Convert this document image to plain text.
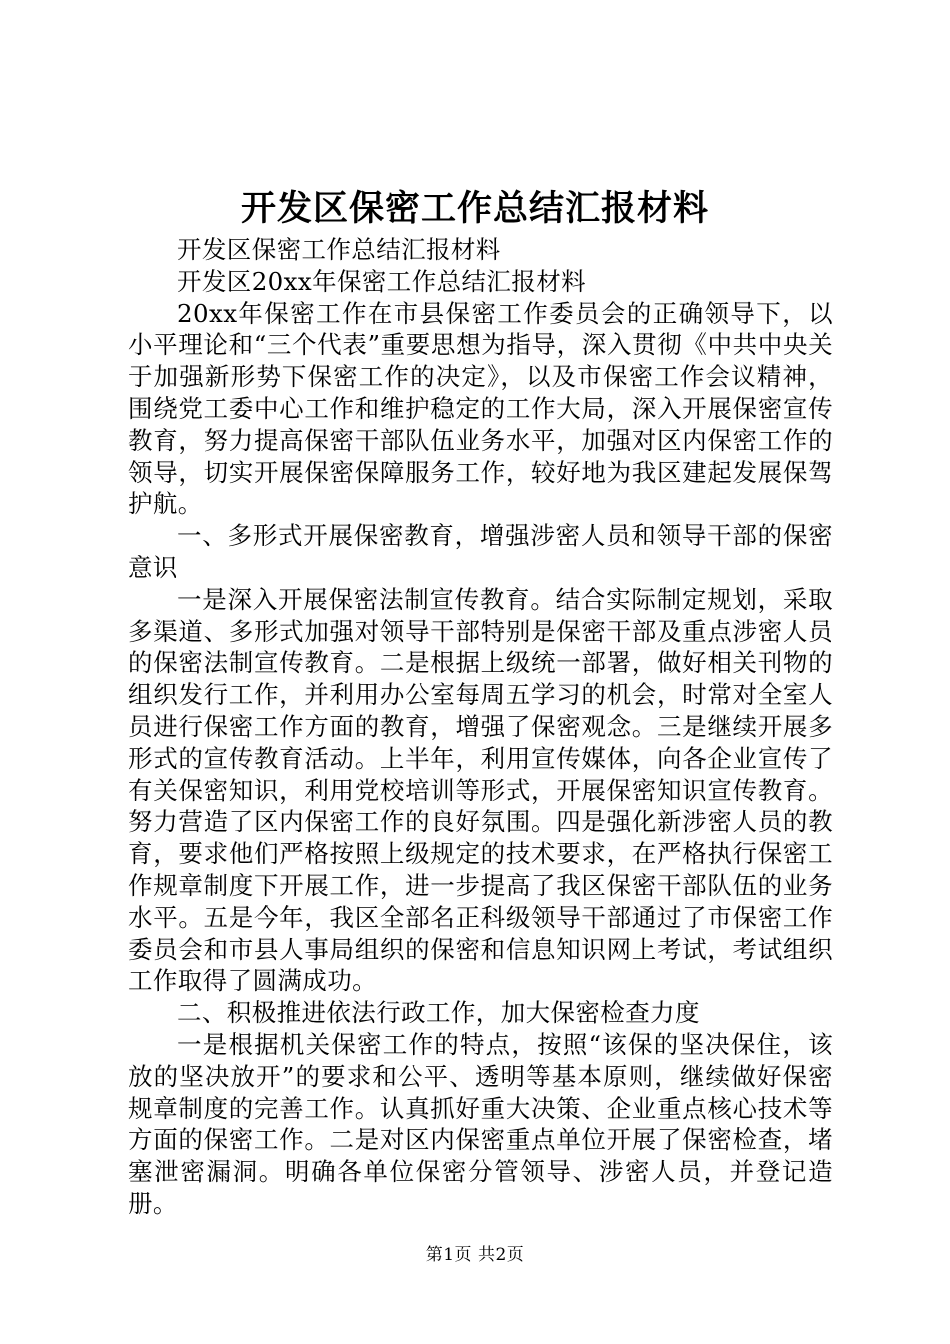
开发区保密工作总结汇报材料

开发区保密工作总结汇报材料

开发区20xx年保密工作总结汇报材料

20xx年保密工作在市县保密工作委员会的正确领导下，以小平理论和“三个代表”重要思想为指导，深入贯彻《中共中央关于加强新形势下保密工作的决定》，以及市保密工作会议精神，围绕党工委中心工作和维护稳定的工作大局，深入开展保密宣传教育，努力提高保密干部队伍业务水平，加强对区内保密工作的领导，切实开展保密保障服务工作，较好地为我区建起发展保驾护航。

一、多形式开展保密教育，增强涉密人员和领导干部的保密意识

一是深入开展保密法制宣传教育。结合实际制定规划，采取多渠道、多形式加强对领导干部特别是保密干部及重点涉密人员的保密法制宣传教育。二是根据上级统一部署，做好相关刊物的组织发行工作，并利用办公室每周五学习的机会，时常对全室人员进行保密工作方面的教育，增强了保密观念。三是继续开展多形式的宣传教育活动。上半年，利用宣传媒体，向各企业宣传了有关保密知识，利用党校培训等形式，开展保密知识宣传教育。努力营造了区内保密工作的良好氛围。四是强化新涉密人员的教育，要求他们严格按照上级规定的技术要求，在严格执行保密工作规章制度下开展工作，进一步提高了我区保密干部队伍的业务水平。五是今年，我区全部名正科级领导干部通过了市保密工作委员会和市县人事局组织的保密和信息知识网上考试，考试组织工作取得了圆满成功。

二、积极推进依法行政工作，加大保密检查力度

一是根据机关保密工作的特点，按照“该保的坚决保住，该放的坚决放开”的要求和公平、透明等基本原则，继续做好保密规章制度的完善工作。认真抓好重大决策、企业重点核心技术等方面的保密工作。二是对区内保密重点单位开展了保密检查，堵塞泄密漏洞。明确各单位保密分管领导、涉密人员，并登记造册。

第1页 共2页
